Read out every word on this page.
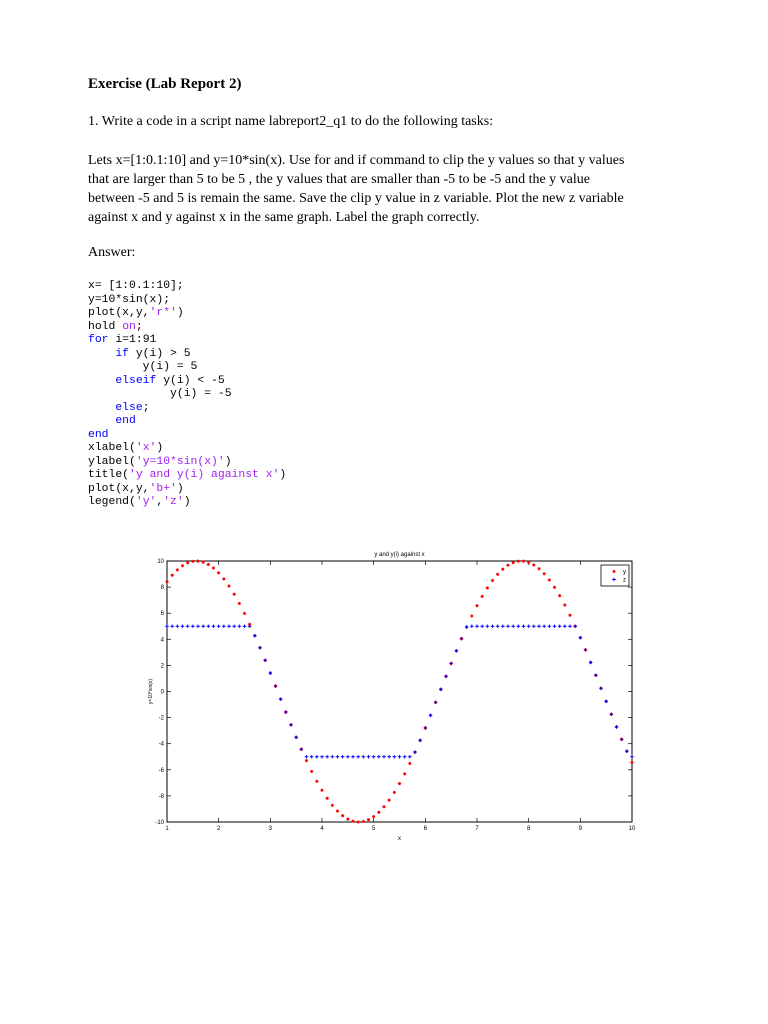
Exercise (Lab Report 2)
1. Write a code in a script name labreport2_q1 to do the following tasks:
Lets x=[1:0.1:10] and y=10*sin(x). Use for and if command to clip the y values so that y values
that are larger than 5 to be 5 , the y values that are smaller than -5 to be -5 and the y value
between -5 and 5 is remain the same. Save the clip y value in z variable. Plot the new z variable
against x and y against x in the same graph. Label the graph correctly.
Answer:
x= [1:0.1:10];
y=10*sin(x);
plot(x,y,'r*')
hold on;
for i=1:91
if y(i) > 5
y(i) = 5
elseif y(i) < -5
y(i) = -5
else;
end
end
xlabel('x')
ylabel('y=10*sin(x)')
title('y and y(i) against x')
plot(x,y,'b+')
legend('y','z')
1	2	3	4	5	6	7	8	9	10
-10
-8
-6
-4
-2
0
2
4
6
8
10
y and y(i) against x
x
y=10*sin(x)
y
z
